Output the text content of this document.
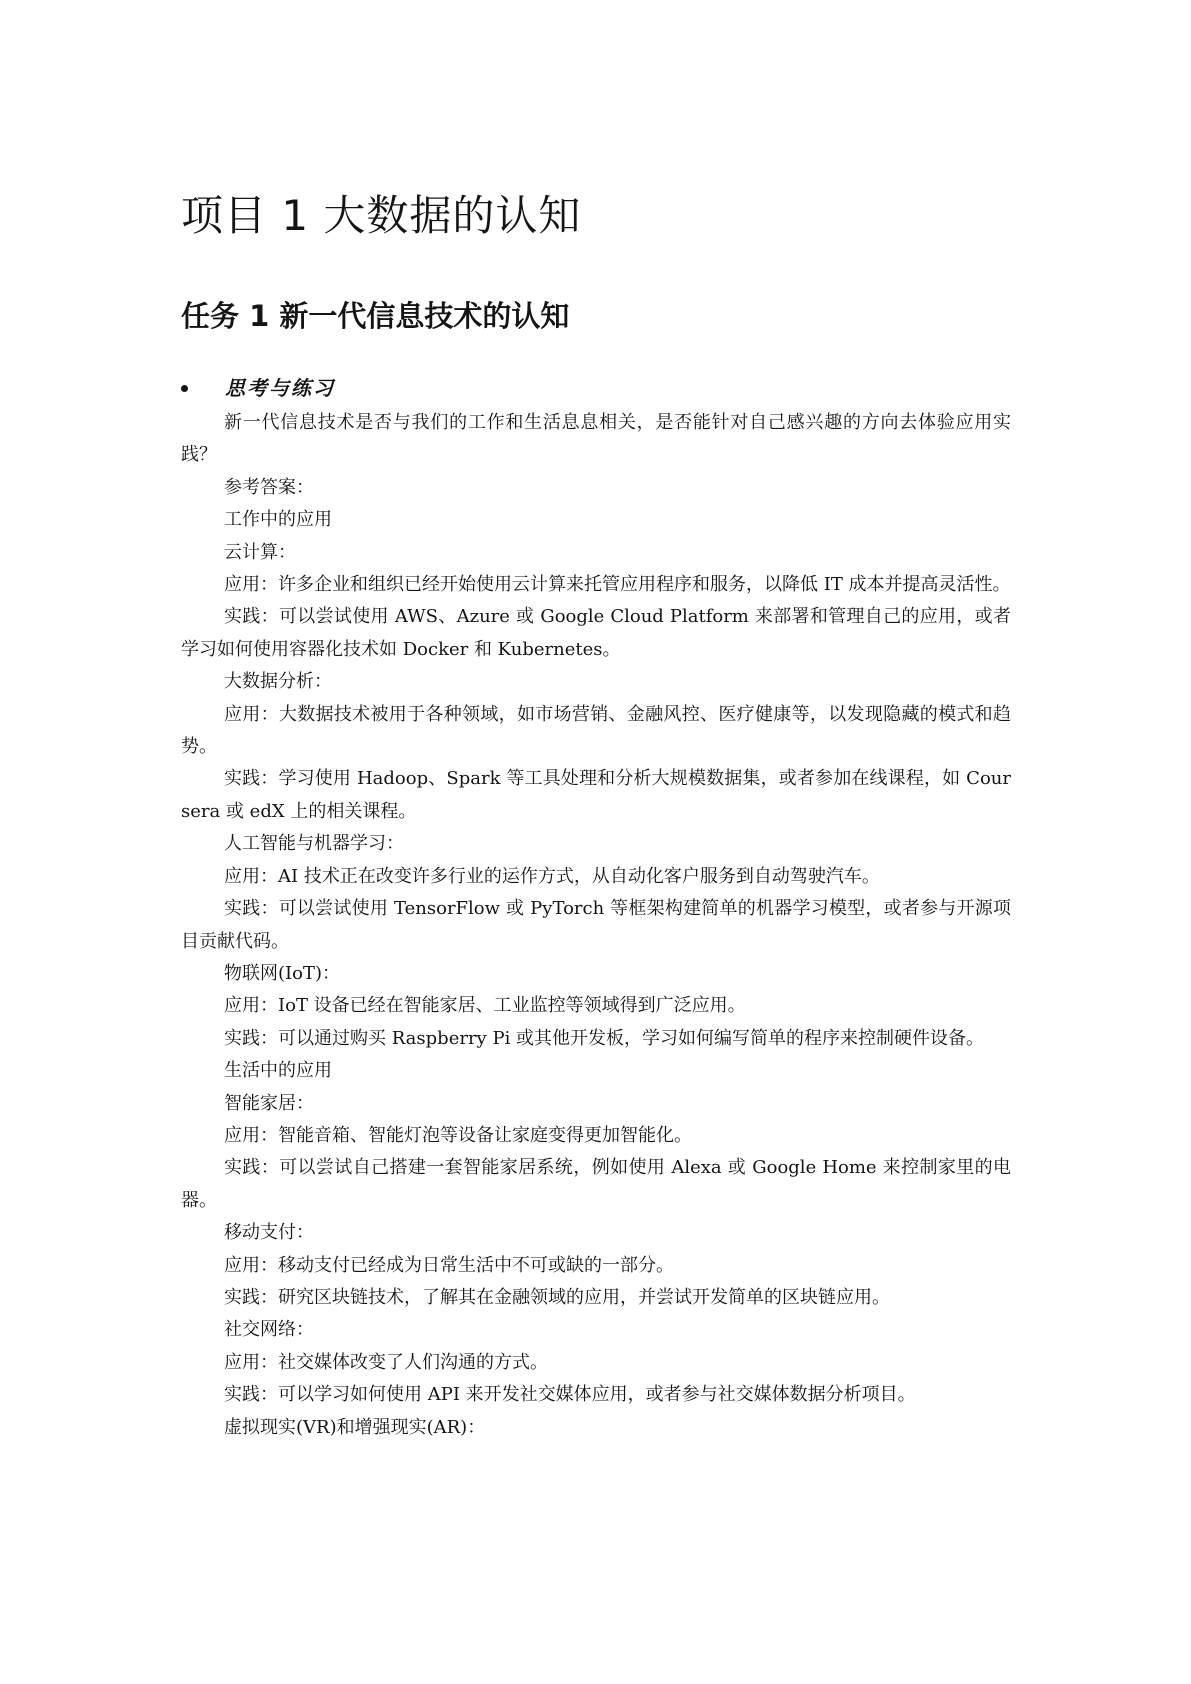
项目 1 大数据的认知
任务 1 新一代信息技术的认知
思考与练习

新一代信息技术是否与我们的工作和生活息息相关，是否能针对自己感兴趣的方向去体验应用实践？

参考答案：

工作中的应用

云计算：

应用：许多企业和组织已经开始使用云计算来托管应用程序和服务，以降低 IT 成本并提高灵活性。

实践：可以尝试使用 AWS、Azure 或 Google Cloud Platform 来部署和管理自己的应用，或者学习如何使用容器化技术如 Docker 和 Kubernetes。

大数据分析：

应用：大数据技术被用于各种领域，如市场营销、金融风控、医疗健康等，以发现隐藏的模式和趋势。

实践：学习使用 Hadoop、Spark 等工具处理和分析大规模数据集，或者参加在线课程，如 Coursera 或 edX 上的相关课程。

人工智能与机器学习：

应用：AI 技术正在改变许多行业的运作方式，从自动化客户服务到自动驾驶汽车。

实践：可以尝试使用 TensorFlow 或 PyTorch 等框架构建简单的机器学习模型，或者参与开源项目贡献代码。

物联网(IoT)：

应用：IoT 设备已经在智能家居、工业监控等领域得到广泛应用。

实践：可以通过购买 Raspberry Pi 或其他开发板，学习如何编写简单的程序来控制硬件设备。

生活中的应用

智能家居：

应用：智能音箱、智能灯泡等设备让家庭变得更加智能化。

实践：可以尝试自己搭建一套智能家居系统，例如使用 Alexa 或 Google Home 来控制家里的电器。

移动支付：

应用：移动支付已经成为日常生活中不可或缺的一部分。

实践：研究区块链技术，了解其在金融领域的应用，并尝试开发简单的区块链应用。

社交网络：

应用：社交媒体改变了人们沟通的方式。

实践：可以学习如何使用 API 来开发社交媒体应用，或者参与社交媒体数据分析项目。

虚拟现实(VR)和增强现实(AR)：
